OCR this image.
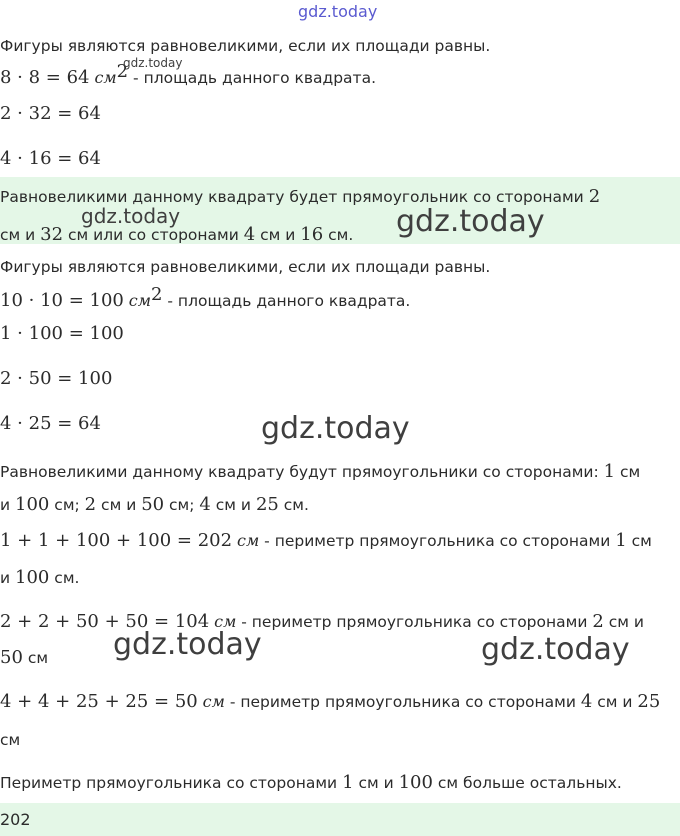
gdz.today
Фигуры являются равновеликими, если их площади равны.
8 · 8 = 64 $см^2$ - площадь данного квадрата.
2 · 32 = 64
4 · 16 = 64
Равновеликими данному квадрату будет прямоугольник со сторонами 2
см и 32 см или со сторонами 4 см и 16 см.
Фигуры являются равновеликими, если их площади равны.
10 · 10 = 100 $см^2$ - площадь данного квадрата.
1 · 100 = 100
2 · 50 = 100
4 · 25 = 64
Равновеликими данному квадрату будут прямоугольники со сторонами: 1 см
и 100 см; 2 см и 50 см; 4 см и 25 см.
1 + 1 + 100 + 100 = 202 см - периметр прямоугольника со сторонами 1 см
и 100 см.
2 + 2 + 50 + 50 = 104 см - периметр прямоугольника со сторонами 2 см и
50 см
4 + 4 + 25 + 25 = 50 см - периметр прямоугольника со сторонами 4 см и 25
см
Периметр прямоугольника со сторонами 1 см и 100 см больше остальных.
202
gdz.today
gdz.today	gdz.today
gdz.today
gdz.today	gdz.today
